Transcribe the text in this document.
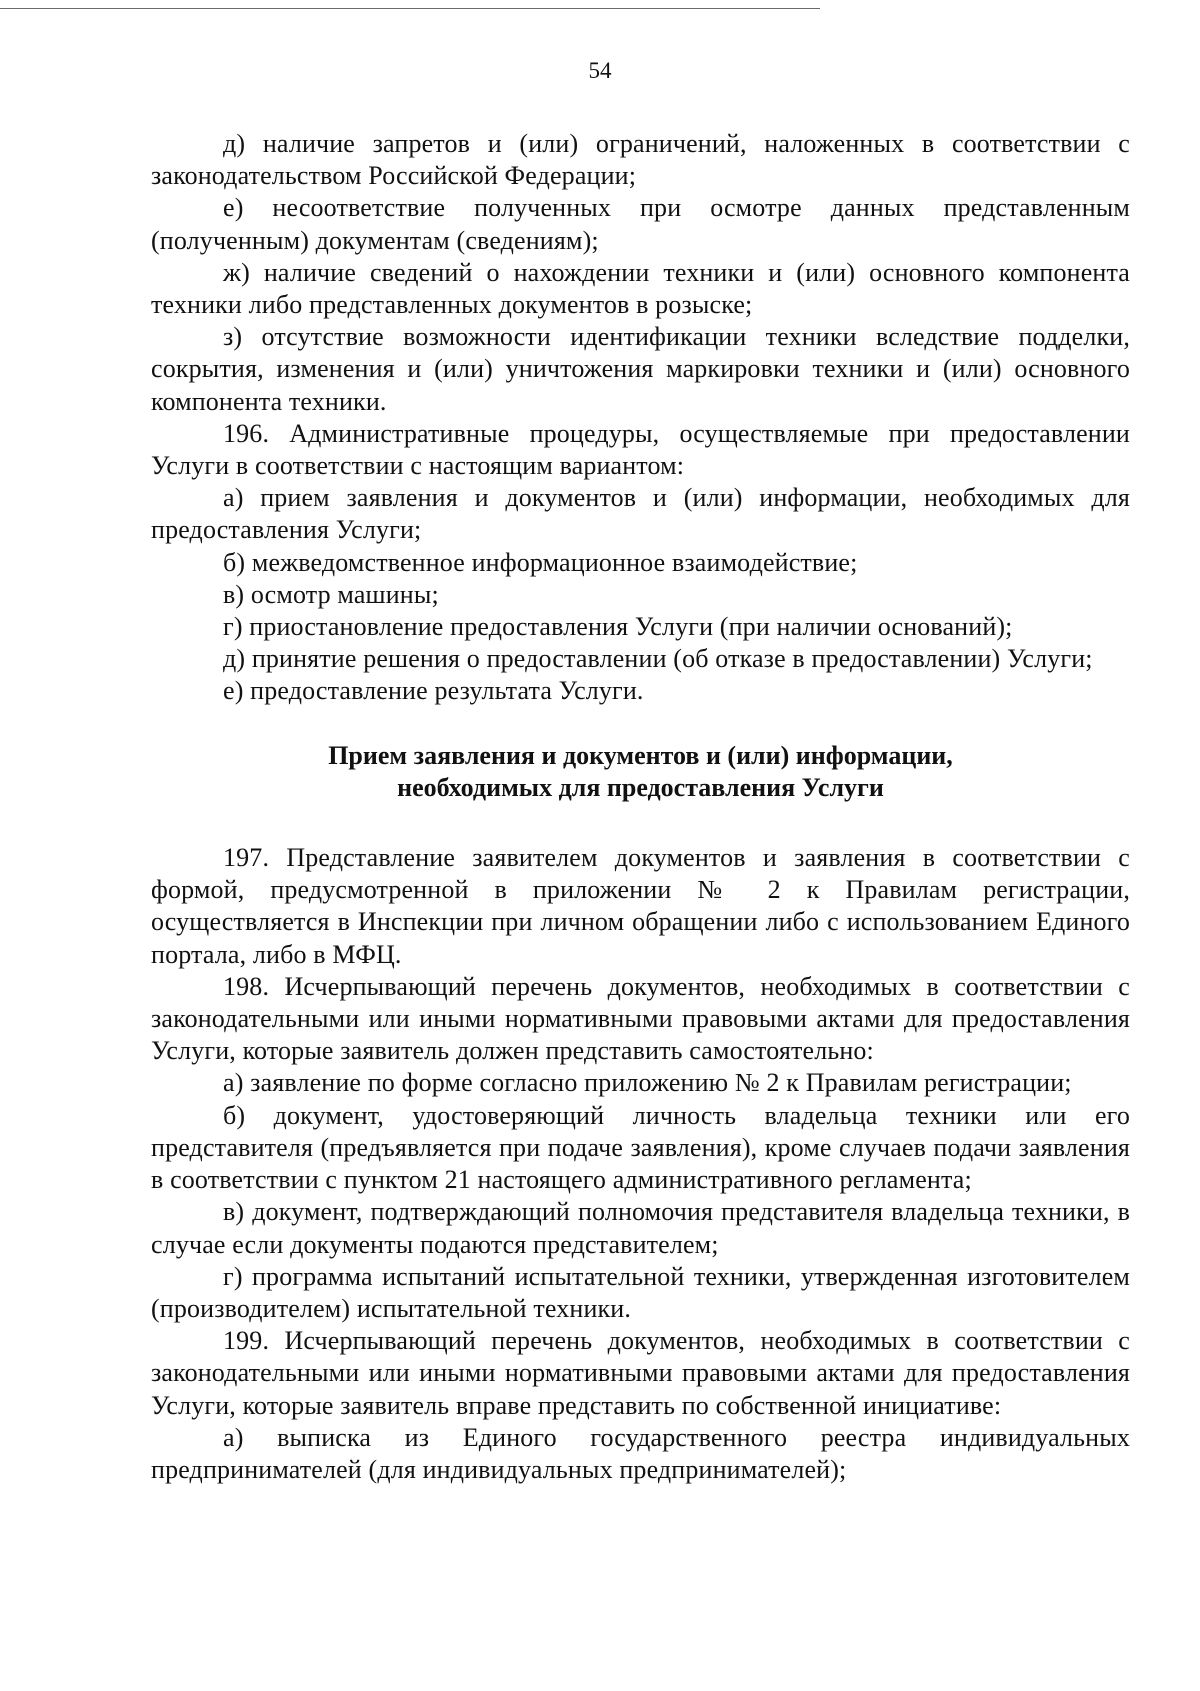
54

д) наличие запретов и (или) ограничений, наложенных в соответствии с законодательством Российской Федерации;

е) несоответствие полученных при осмотре данных представленным (полученным) документам (сведениям);

ж) наличие сведений о нахождении техники и (или) основного компонента техники либо представленных документов в розыске;

з) отсутствие возможности идентификации техники вследствие подделки, сокрытия, изменения и (или) уничтожения маркировки техники и (или) основного компонента техники.

196. Административные процедуры, осуществляемые при предоставлении Услуги в соответствии с настоящим вариантом:

а) прием заявления и документов и (или) информации, необходимых для предоставления Услуги;

б) межведомственное информационное взаимодействие;

в) осмотр машины;

г) приостановление предоставления Услуги (при наличии оснований);

д) принятие решения о предоставлении (об отказе в предоставлении) Услуги;

е) предоставление результата Услуги.

Прием заявления и документов и (или) информации,
необходимых для предоставления Услуги

197. Представление заявителем документов и заявления в соответствии с формой, предусмотренной в приложении № 2 к Правилам регистрации, осуществляется в Инспекции при личном обращении либо с использованием Единого портала, либо в МФЦ.

198. Исчерпывающий перечень документов, необходимых в соответствии с законодательными или иными нормативными правовыми актами для предоставления Услуги, которые заявитель должен представить самостоятельно:

а) заявление по форме согласно приложению № 2 к Правилам регистрации;

б) документ, удостоверяющий личность владельца техники или его представителя (предъявляется при подаче заявления), кроме случаев подачи заявления в соответствии с пунктом 21 настоящего административного регламента;

в) документ, подтверждающий полномочия представителя владельца техники, в случае если документы подаются представителем;

г) программа испытаний испытательной техники, утвержденная изготовителем (производителем) испытательной техники.

199. Исчерпывающий перечень документов, необходимых в соответствии с законодательными или иными нормативными правовыми актами для предоставления Услуги, которые заявитель вправе представить по собственной инициативе:

а) выписка из Единого государственного реестра индивидуальных предпринимателей (для индивидуальных предпринимателей);
